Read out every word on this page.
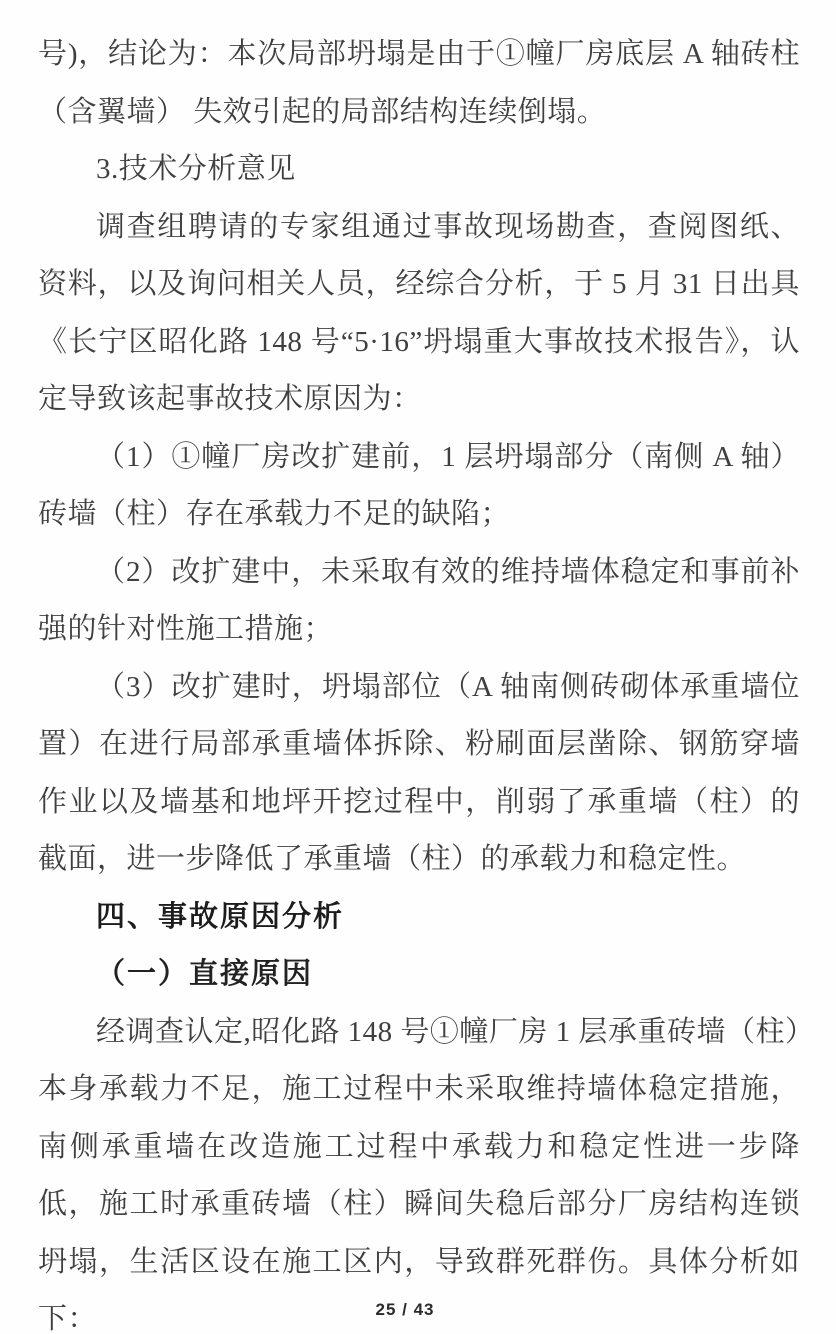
号)，结论为：本次局部坍塌是由于①幢厂房底层 A 轴砖柱（含翼墙） 失效引起的局部结构连续倒塌。

3.技术分析意见

调查组聘请的专家组通过事故现场勘查，查阅图纸、资料，以及询问相关人员，经综合分析，于 5 月 31 日出具《长宁区昭化路 148 号“5·16”坍塌重大事故技术报告》，认定导致该起事故技术原因为：

（1）①幢厂房改扩建前，1 层坍塌部分（南侧 A 轴）砖墙（柱）存在承载力不足的缺陷；

（2）改扩建中，未采取有效的维持墙体稳定和事前补强的针对性施工措施；

（3）改扩建时，坍塌部位（A 轴南侧砖砌体承重墙位置）在进行局部承重墙体拆除、粉刷面层凿除、钢筋穿墙作业以及墙基和地坪开挖过程中，削弱了承重墙（柱）的截面，进一步降低了承重墙（柱）的承载力和稳定性。

四、事故原因分析

（一）直接原因

经调查认定,昭化路 148 号①幢厂房 1 层承重砖墙（柱）本身承载力不足，施工过程中未采取维持墙体稳定措施，南侧承重墙在改造施工过程中承载力和稳定性进一步降低，施工时承重砖墙（柱）瞬间失稳后部分厂房结构连锁坍塌，生活区设在施工区内，导致群死群伤。具体分析如下：	25 / 43
